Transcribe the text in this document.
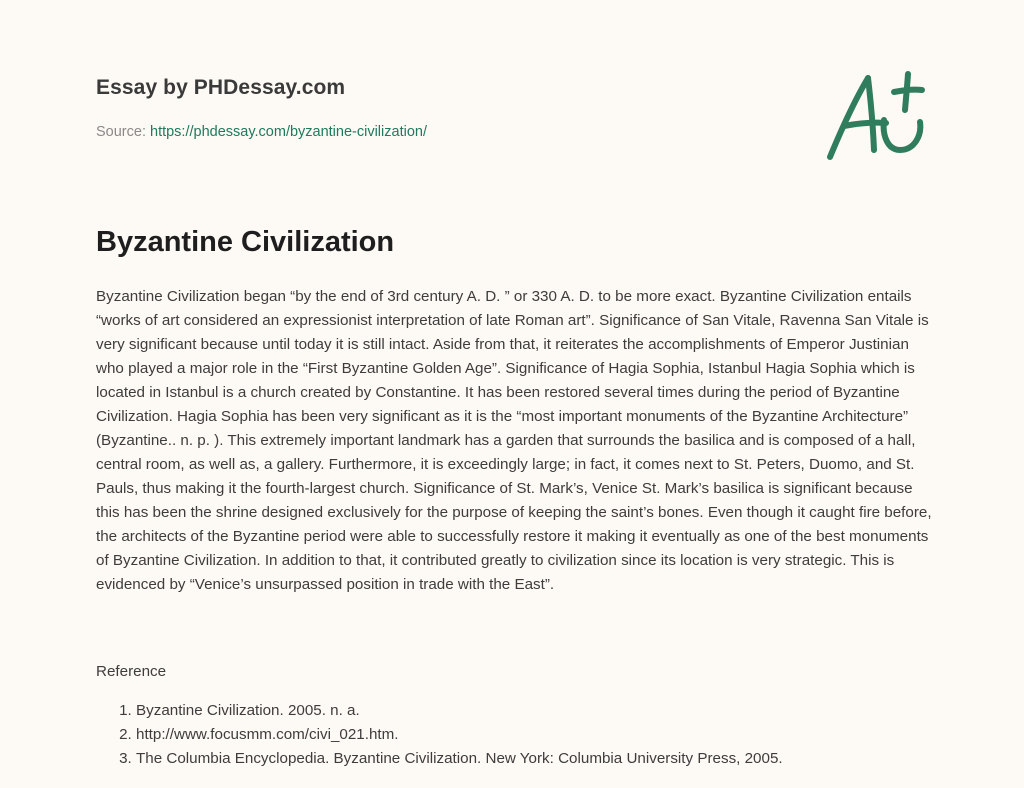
Essay by PHDessay.com
Source: https://phdessay.com/byzantine-civilization/
Byzantine Civilization

Byzantine Civilization began “by the end of 3rd century A. D. ” or 330 A. D. to be more exact. Byzantine Civilization entails “works of art considered an expressionist interpretation of late Roman art”. Significance of San Vitale, Ravenna San Vitale is very significant because until today it is still intact. Aside from that, it reiterates the accomplishments of Emperor Justinian who played a major role in the “First Byzantine Golden Age”. Significance of Hagia Sophia, Istanbul Hagia Sophia which is located in Istanbul is a church created by Constantine. It has been restored several times during the period of Byzantine Civilization. Hagia Sophia has been very significant as it is the “most important monuments of the Byzantine Architecture” (Byzantine.. n. p. ). This extremely important landmark has a garden that surrounds the basilica and is composed of a hall, central room, as well as, a gallery. Furthermore, it is exceedingly large; in fact, it comes next to St. Peters, Duomo, and St. Pauls, thus making it the fourth-largest church. Significance of St. Mark’s, Venice St. Mark’s basilica is significant because this has been the shrine designed exclusively for the purpose of keeping the saint’s bones. Even though it caught fire before, the architects of the Byzantine period were able to successfully restore it making it eventually as one of the best monuments of Byzantine Civilization. In addition to that, it contributed greatly to civilization since its location is very strategic. This is evidenced by “Venice’s unsurpassed position in trade with the East”.

Reference

1. Byzantine Civilization. 2005. n. a.
2. http://www.focusmm.com/civi_021.htm.
3. The Columbia Encyclopedia. Byzantine Civilization. New York: Columbia University Press, 2005.
